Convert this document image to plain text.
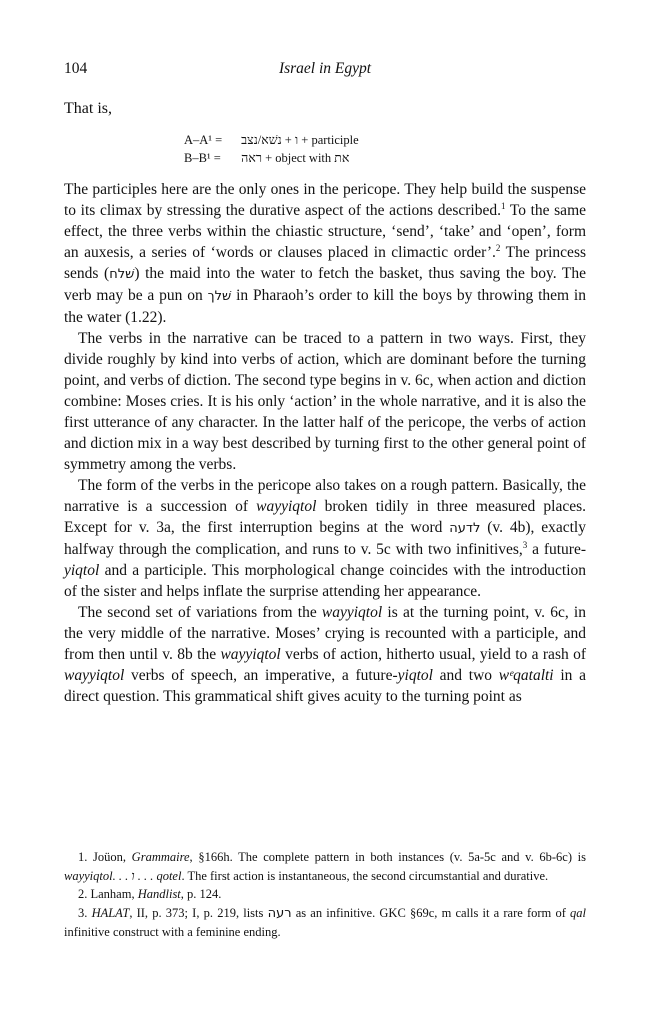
104	Israel in Egypt
That is,
A–A¹ = ו + נשׁא/נצב + participle
B–B¹ = ראה + object with את

The participles here are the only ones in the pericope. They help build the suspense to its climax by stressing the durative aspect of the actions described.$^1$ To the same effect, the three verbs within the chiastic structure, ‘send’, ‘take’ and ‘open’, form an auxesis, a series of ‘words or clauses placed in climactic order’.$^2$ The princess sends (שׁלח) the maid into the water to fetch the basket, thus saving the boy. The verb may be a pun on שׁלך in Pharaoh’s order to kill the boys by throwing them in the water (1.22).

The verbs in the narrative can be traced to a pattern in two ways. First, they divide roughly by kind into verbs of action, which are dominant before the turning point, and verbs of diction. The second type begins in v. 6c, when action and diction combine: Moses cries. It is his only ‘action’ in the whole narrative, and it is also the first utterance of any character. In the latter half of the pericope, the verbs of action and diction mix in a way best described by turning first to the other general point of symmetry among the verbs.

The form of the verbs in the pericope also takes on a rough pattern. Basically, the narrative is a succession of wayyiqtol broken tidily in three measured places. Except for v. 3a, the first interruption begins at the word לדעה (v. 4b), exactly halfway through the complication, and runs to v. 5c with two infinitives,$^3$ a future-yiqtol and a participle. This morphological change coincides with the introduction of the sister and helps inflate the surprise attending her appearance.

The second set of variations from the wayyiqtol is at the turning point, v. 6c, in the very middle of the narrative. Moses’ crying is recounted with a participle, and from then until v. 8b the wayyiqtol verbs of action, hitherto usual, yield to a rash of wayyiqtol verbs of speech, an imperative, a future-yiqtol and two wᵉqatalti in a direct question. This grammatical shift gives acuity to the turning point as

1. Joüon, Grammaire, §166h. The complete pattern in both instances (v. 5a-5c and v. 6b-6c) is wayyiqtol. . . ו . . . qotel. The first action is instantaneous, the second circumstantial and durative.

2. Lanham, Handlist, p. 124.

3. HALAT, II, p. 373; I, p. 219, lists רעה as an infinitive. GKC §69c, m calls it a rare form of qal infinitive construct with a feminine ending.
